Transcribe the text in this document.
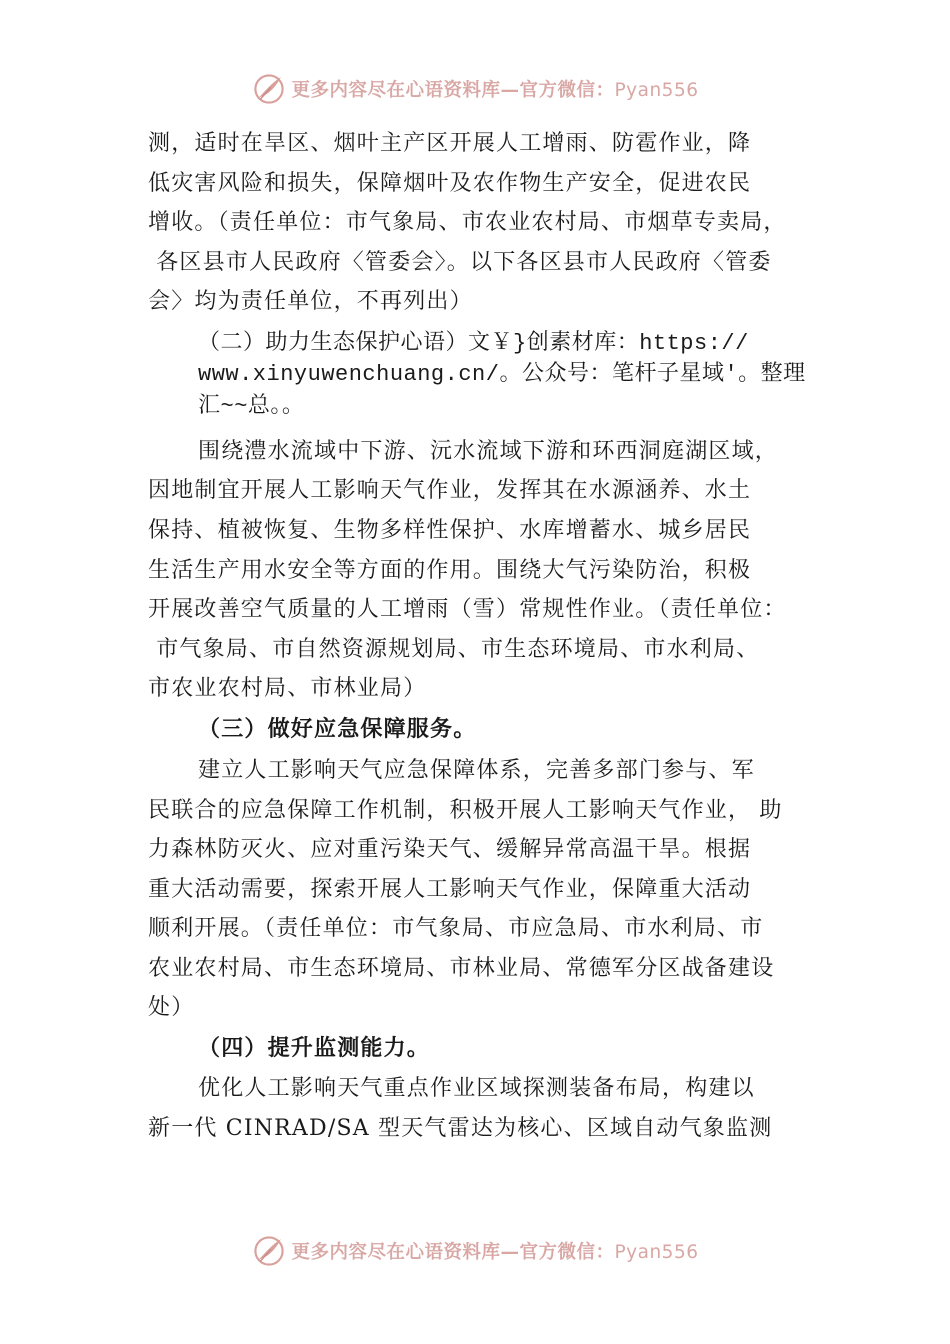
更多内容尽在心语资料库—官方微信：Pyan556
测，适时在旱区、烟叶主产区开展人工增雨、防雹作业，降
低灾害风险和损失，保障烟叶及农作物生产安全，促进农民
增收。（责任单位：市气象局、市农业农村局、市烟草专卖局，
各区县市人民政府〈管委会〉。以下各区县市人民政府〈管委
会〉均为责任单位，不再列出）
（二）助力生态保护心语）文￥}创素材库：https://
www.xinyuwenchuang.cn/。公众号：笔杆子星域'。整理
汇~~总。。
围绕澧水流域中下游、沅水流域下游和环西洞庭湖区域，
因地制宜开展人工影响天气作业，发挥其在水源涵养、水土
保持、植被恢复、生物多样性保护、水库增蓄水、城乡居民
生活生产用水安全等方面的作用。围绕大气污染防治，积极
开展改善空气质量的人工增雨（雪）常规性作业。（责任单位：
市气象局、市自然资源规划局、市生态环境局、市水利局、
市农业农村局、市林业局）
（三）做好应急保障服务。
建立人工影响天气应急保障体系，完善多部门参与、军
民联合的应急保障工作机制，积极开展人工影响天气作业， 助
力森林防灭火、应对重污染天气、缓解异常高温干旱。根据
重大活动需要，探索开展人工影响天气作业，保障重大活动
顺利开展。（责任单位：市气象局、市应急局、市水利局、市
农业农村局、市生态环境局、市林业局、常德军分区战备建设
处）
（四）提升监测能力。
优化人工影响天气重点作业区域探测装备布局，构建以
新一代 CINRAD/SA 型天气雷达为核心、区域自动气象监测
更多内容尽在心语资料库—官方微信：Pyan556
